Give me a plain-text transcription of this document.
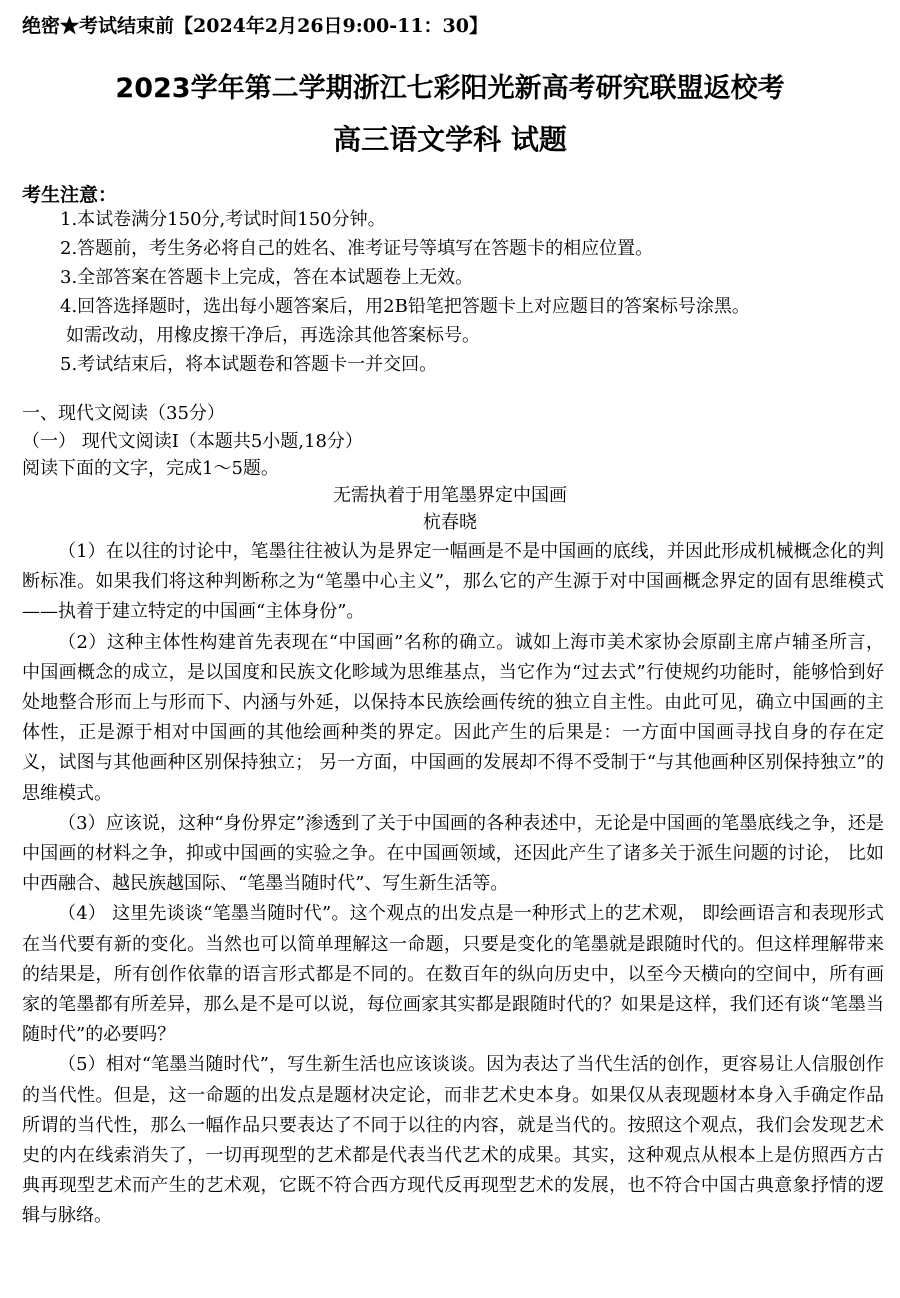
绝密★考试结束前【2024年2月26日9:00-11：30】
2023学年第二学期浙江七彩阳光新高考研究联盟返校考
高三语文学科 试题
考生注意：
1.本试卷满分150分,考试时间150分钟。
2.答题前，考生务必将自己的姓名、准考证号等填写在答题卡的相应位置。
3.全部答案在答题卡上完成，答在本试题卷上无效。
4.回答选择题时，选出每小题答案后，用2B铅笔把答题卡上对应题目的答案标号涂黑。
如需改动，用橡皮擦干净后，再选涂其他答案标号。
5.考试结束后，将本试题卷和答题卡一并交回。
一、现代文阅读（35分）
（一） 现代文阅读Ⅰ（本题共5小题,18分）
阅读下面的文字，完成1～5题。
无需执着于用笔墨界定中国画
杭春晓

（1）在以往的讨论中，笔墨往往被认为是界定一幅画是不是中国画的底线，并因此形成机械概念化的判断标准。如果我们将这种判断称之为“笔墨中心主义”，那么它的产生源于对中国画概念界定的固有思维模式——执着于建立特定的中国画“主体身份”。

（2）这种主体性构建首先表现在“中国画”名称的确立。诚如上海市美术家协会原副主席卢辅圣所言， 中国画概念的成立，是以国度和民族文化畛域为思维基点，当它作为“过去式”行使规约功能时，能够恰到好处地整合形而上与形而下、内涵与外延，以保持本民族绘画传统的独立自主性。由此可见，确立中国画的主体性，正是源于相对中国画的其他绘画种类的界定。因此产生的后果是：一方面中国画寻找自身的存在定义，试图与其他画种区别保持独立； 另一方面，中国画的发展却不得不受制于“与其他画种区别保持独立”的思维模式。

（3）应该说，这种“身份界定”渗透到了关于中国画的各种表述中，无论是中国画的笔墨底线之争，还是中国画的材料之争，抑或中国画的实验之争。在中国画领域，还因此产生了诸多关于派生问题的讨论， 比如中西融合、越民族越国际、“笔墨当随时代”、写生新生活等。

（4） 这里先谈谈“笔墨当随时代”。这个观点的出发点是一种形式上的艺术观， 即绘画语言和表现形式在当代要有新的变化。当然也可以简单理解这一命题，只要是变化的笔墨就是跟随时代的。但这样理解带来的结果是，所有创作依靠的语言形式都是不同的。在数百年的纵向历史中，以至今天横向的空间中，所有画家的笔墨都有所差异，那么是不是可以说，每位画家其实都是跟随时代的？如果是这样，我们还有谈“笔墨当随时代”的必要吗？

（5）相对“笔墨当随时代”，写生新生活也应该谈谈。因为表达了当代生活的创作，更容易让人信服创作的当代性。但是，这一命题的出发点是题材决定论，而非艺术史本身。如果仅从表现题材本身入手确定作品所谓的当代性，那么一幅作品只要表达了不同于以往的内容，就是当代的。按照这个观点，我们会发现艺术史的内在线索消失了，一切再现型的艺术都是代表当代艺术的成果。其实，这种观点从根本上是仿照西方古典再现型艺术而产生的艺术观，它既不符合西方现代反再现型艺术的发展，也不符合中国古典意象抒情的逻辑与脉络。
